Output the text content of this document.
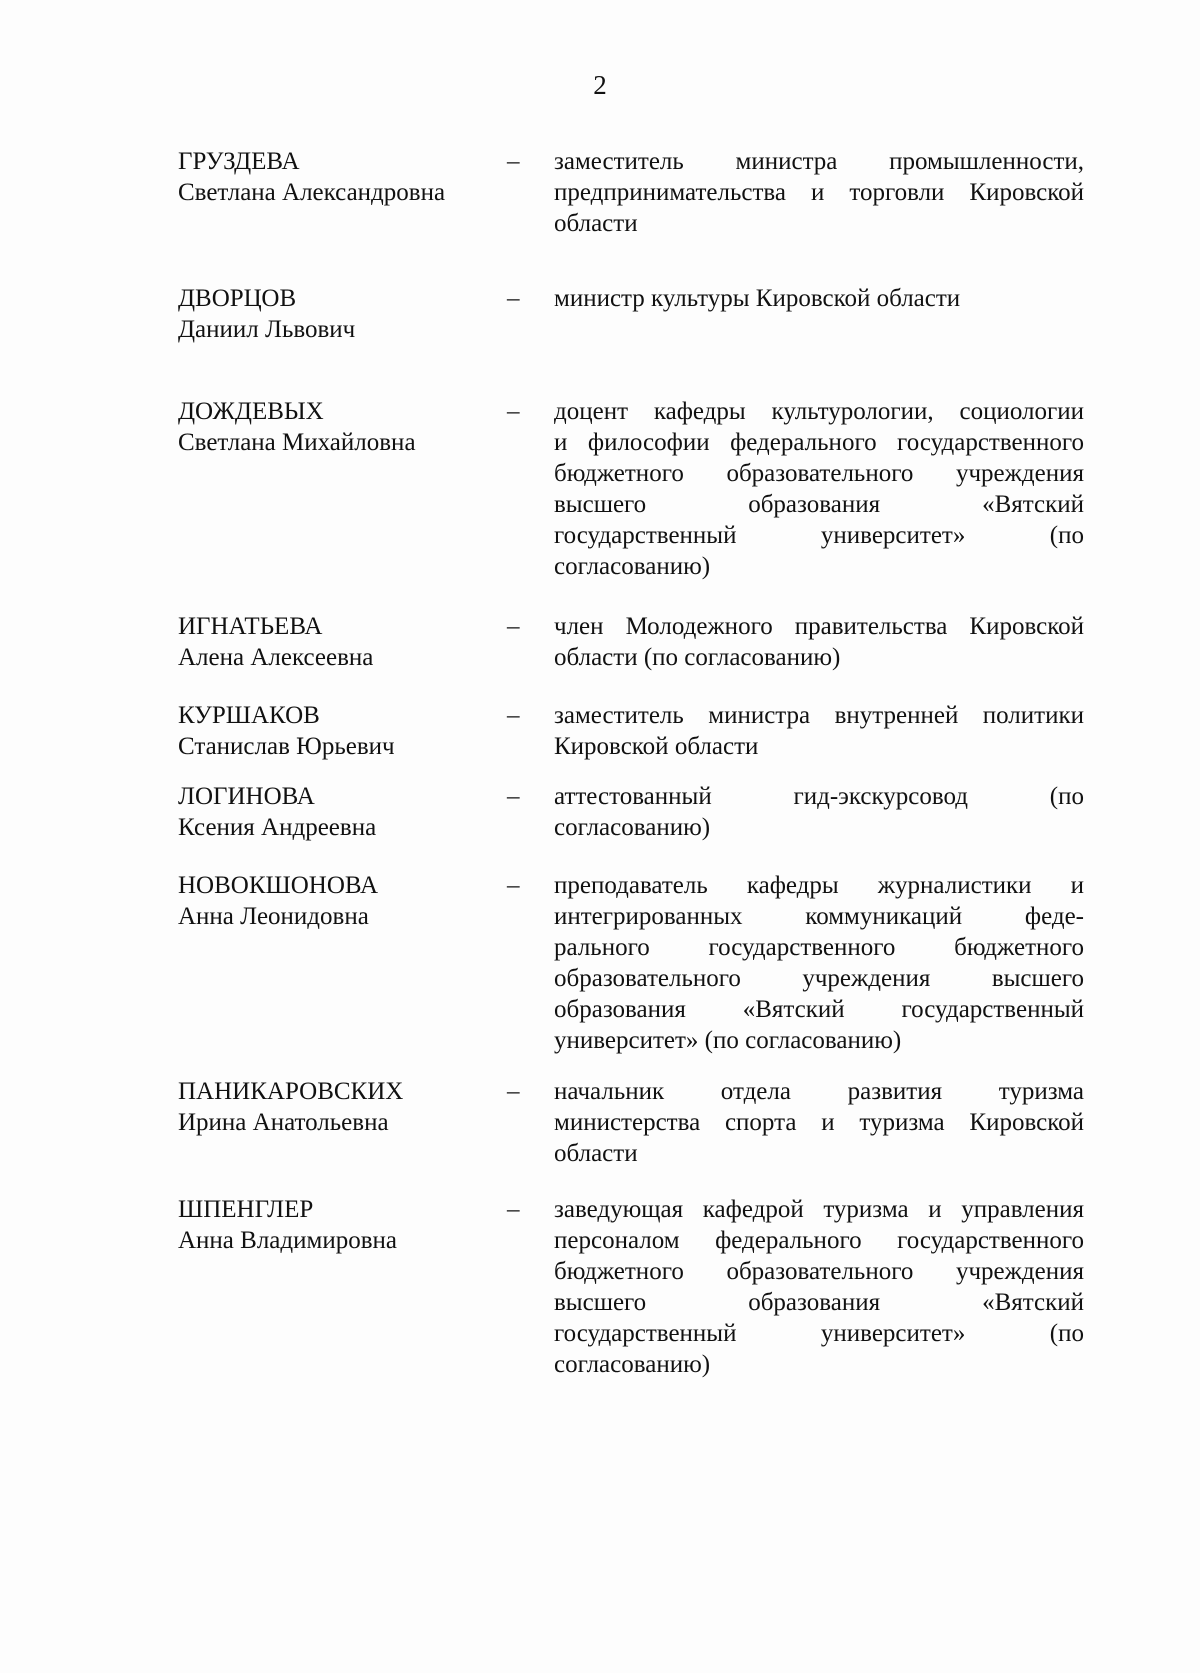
2
ГРУЗДЕВА
Светлана Александровна
– заместитель министра промышленности,
предпринимательства и торговли Кировской
области
ДВОРЦОВ
Даниил Львович
– министр культуры Кировской области
ДОЖДЕВЫХ
Светлана Михайловна
– доцент кафедры культурологии, социологии
и философии федерального государственного
бюджетного образовательного учреждения
высшего образования «Вятский
государственный университет» (по
согласованию)
ИГНАТЬЕВА
Алена Алексеевна
– член Молодежного правительства Кировской
области (по согласованию)
КУРШАКОВ
Станислав Юрьевич
– заместитель министра внутренней политики
Кировской области
ЛОГИНОВА
Ксения Андреевна
– аттестованный гид-экскурсовод (по
согласованию)
НОВОКШОНОВА
Анна Леонидовна
– преподаватель кафедры журналистики и
интегрированных коммуникаций феде-
рального государственного бюджетного
образовательного учреждения высшего
образования «Вятский государственный
университет» (по согласованию)
ПАНИКАРОВСКИХ
Ирина Анатольевна
– начальник отдела развития туризма
министерства спорта и туризма Кировской
области
ШПЕНГЛЕР
Анна Владимировна
– заведующая кафедрой туризма и управления
персоналом федерального государственного
бюджетного образовательного учреждения
высшего образования «Вятский
государственный университет» (по
согласованию)
